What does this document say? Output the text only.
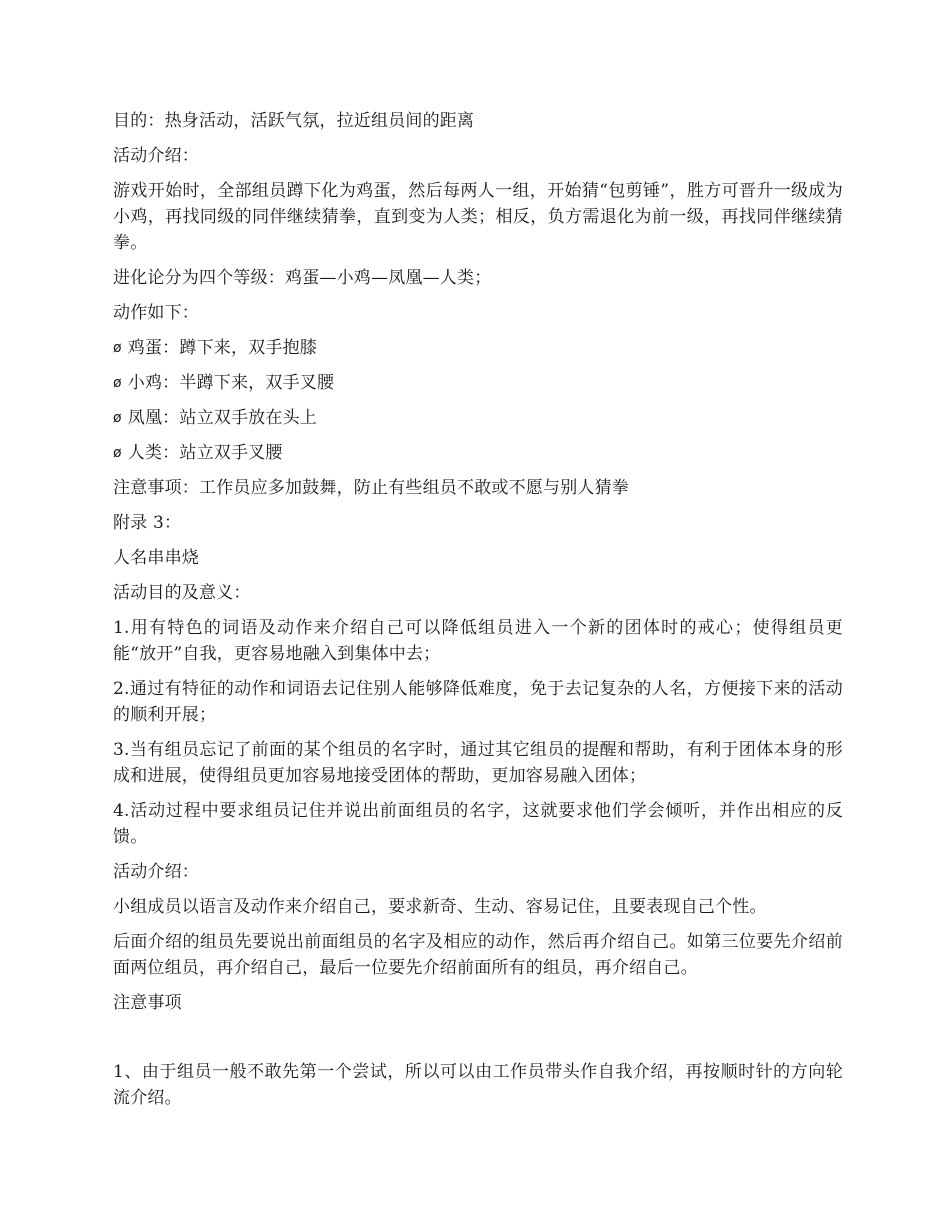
目的：热身活动，活跃气氛，拉近组员间的距离

活动介绍：

游戏开始时，全部组员蹲下化为鸡蛋，然后每两人一组，开始猜“包剪锤”，胜方可晋升一级成为小鸡，再找同级的同伴继续猜拳，直到变为人类；相反，负方需退化为前一级，再找同伴继续猜拳。

进化论分为四个等级：鸡蛋—小鸡—凤凰—人类；

动作如下：

ø 鸡蛋：蹲下来，双手抱膝

ø 小鸡：半蹲下来，双手叉腰

ø 凤凰：站立双手放在头上

ø 人类：站立双手叉腰

注意事项：工作员应多加鼓舞，防止有些组员不敢或不愿与别人猜拳

附录 3：

人名串串烧

活动目的及意义：

1.用有特色的词语及动作来介绍自己可以降低组员进入一个新的团体时的戒心；使得组员更能“放开”自我，更容易地融入到集体中去；

2.通过有特征的动作和词语去记住别人能够降低难度，免于去记复杂的人名，方便接下来的活动的顺利开展；

3.当有组员忘记了前面的某个组员的名字时，通过其它组员的提醒和帮助，有利于团体本身的形成和进展，使得组员更加容易地接受团体的帮助，更加容易融入团体；

4.活动过程中要求组员记住并说出前面组员的名字，这就要求他们学会倾听，并作出相应的反馈。

活动介绍：

小组成员以语言及动作来介绍自己，要求新奇、生动、容易记住，且要表现自己个性。

后面介绍的组员先要说出前面组员的名字及相应的动作，然后再介绍自己。如第三位要先介绍前面两位组员，再介绍自己，最后一位要先介绍前面所有的组员，再介绍自己。

注意事项

1、由于组员一般不敢先第一个尝试，所以可以由工作员带头作自我介绍，再按顺时针的方向轮流介绍。
